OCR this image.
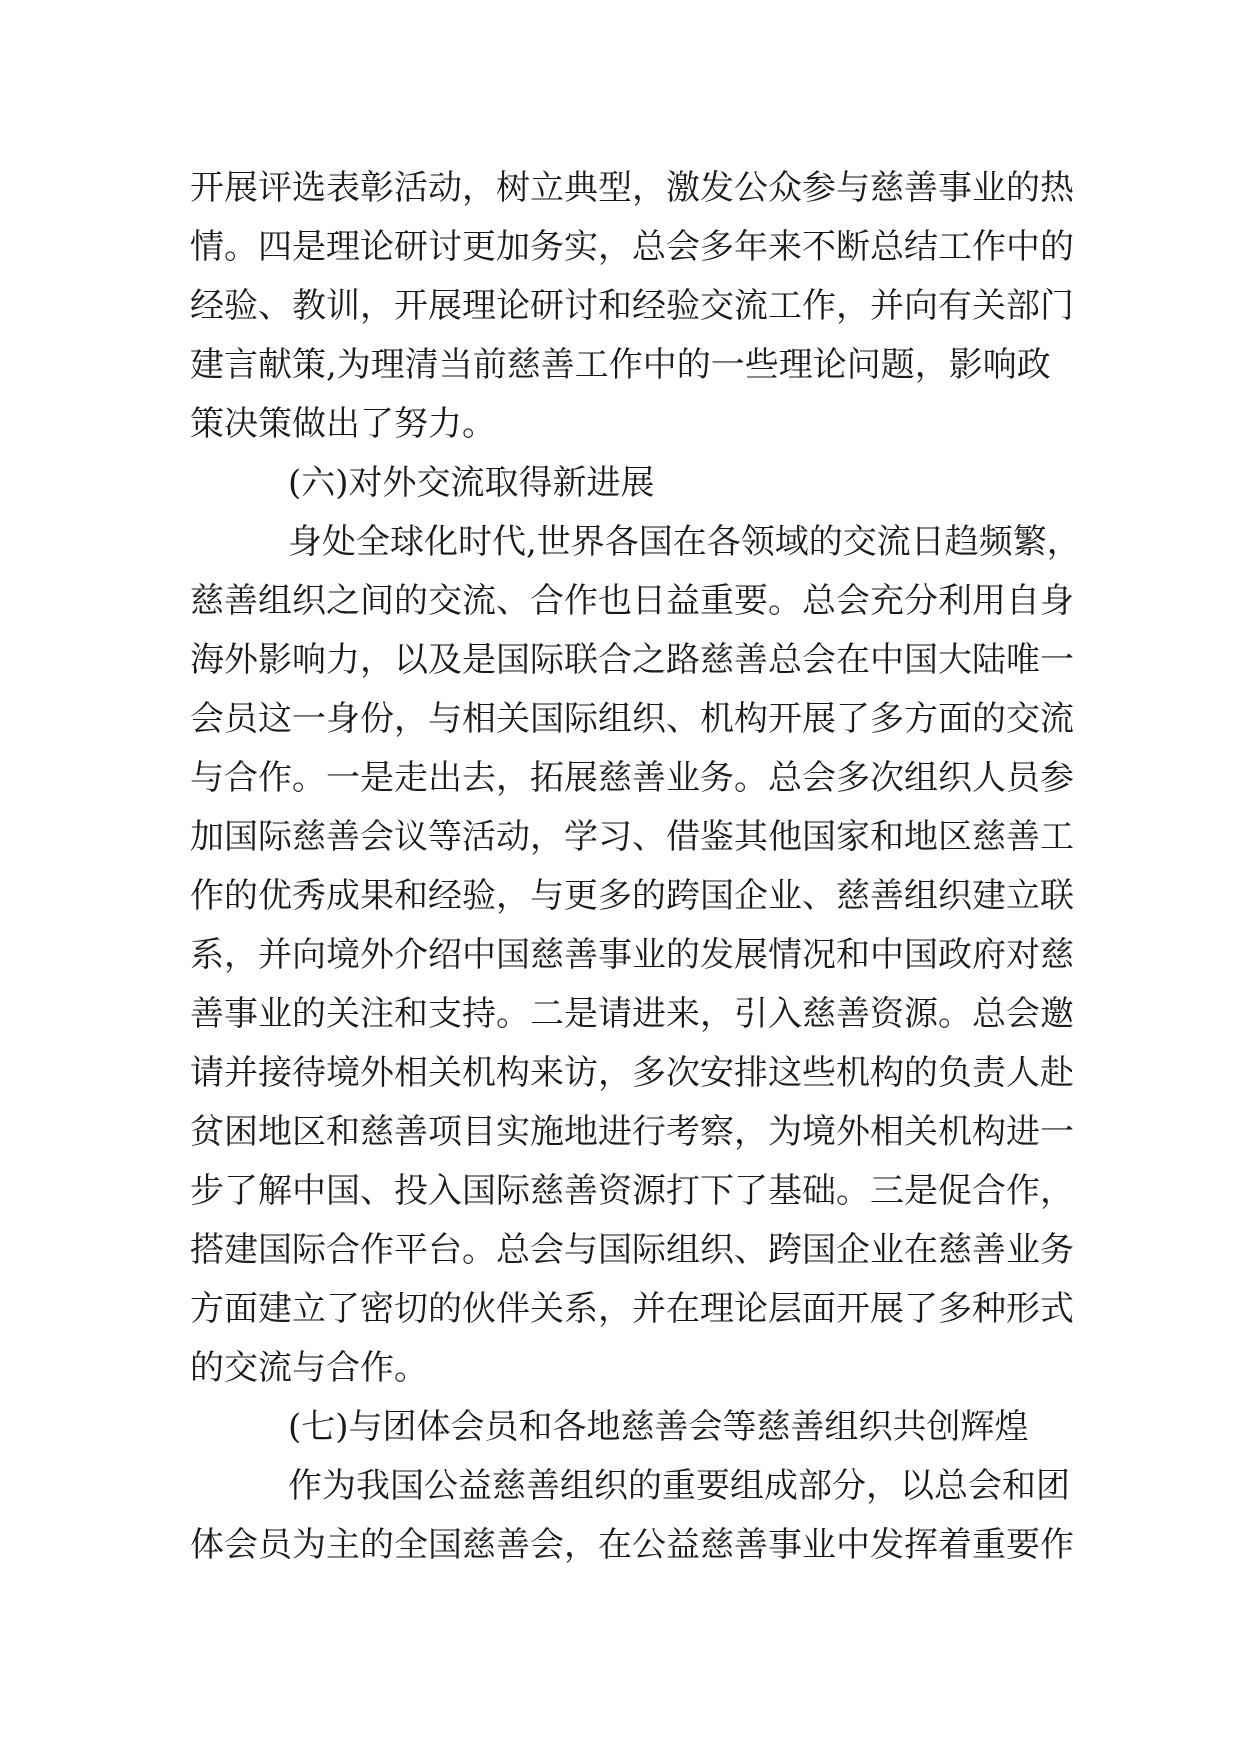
开展评选表彰活动，树立典型，激发公众参与慈善事业的热
情。四是理论研讨更加务实，总会多年来不断总结工作中的
经验、教训，开展理论研讨和经验交流工作，并向有关部门
建言献策,为理清当前慈善工作中的一些理论问题，影响政
策决策做出了努力。
(六)对外交流取得新进展
身处全球化时代,世界各国在各领域的交流日趋频繁，
慈善组织之间的交流、合作也日益重要。总会充分利用自身
海外影响力，以及是国际联合之路慈善总会在中国大陆唯一
会员这一身份，与相关国际组织、机构开展了多方面的交流
与合作。一是走出去，拓展慈善业务。总会多次组织人员参
加国际慈善会议等活动，学习、借鉴其他国家和地区慈善工
作的优秀成果和经验，与更多的跨国企业、慈善组织建立联
系，并向境外介绍中国慈善事业的发展情况和中国政府对慈
善事业的关注和支持。二是请进来，引入慈善资源。总会邀
请并接待境外相关机构来访，多次安排这些机构的负责人赴
贫困地区和慈善项目实施地进行考察，为境外相关机构进一
步了解中国、投入国际慈善资源打下了基础。三是促合作，
搭建国际合作平台。总会与国际组织、跨国企业在慈善业务
方面建立了密切的伙伴关系，并在理论层面开展了多种形式
的交流与合作。
(七)与团体会员和各地慈善会等慈善组织共创辉煌
作为我国公益慈善组织的重要组成部分，以总会和团
体会员为主的全国慈善会，在公益慈善事业中发挥着重要作
